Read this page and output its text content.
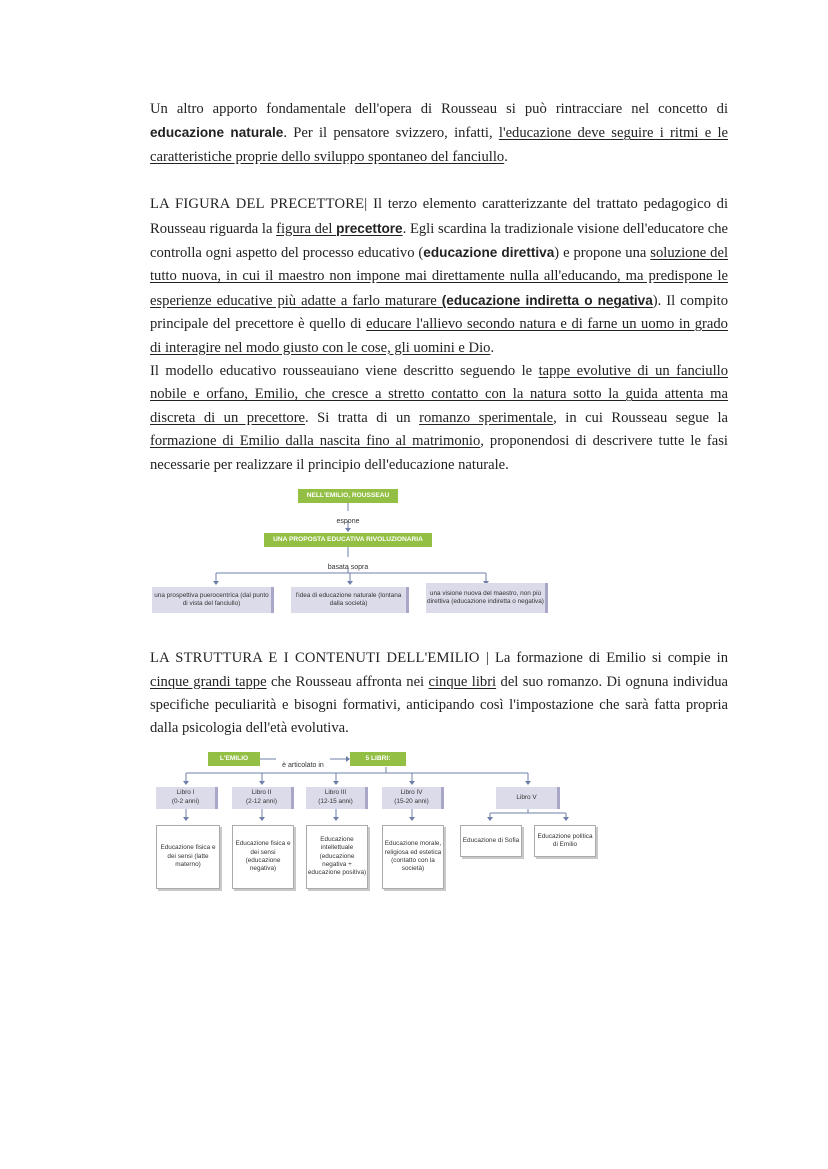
Un altro apporto fondamentale dell'opera di Rousseau si può rintracciare nel concetto di educazione naturale. Per il pensatore svizzero, infatti, l'educazione deve seguire i ritmi e le caratteristiche proprie dello sviluppo spontaneo del fanciullo.

LA FIGURA DEL PRECETTORE| Il terzo elemento caratterizzante del trattato pedagogico di Rousseau riguarda la figura del precettore. Egli scardina la tradizionale visione dell'educatore che controlla ogni aspetto del processo educativo (educazione direttiva) e propone una soluzione del tutto nuova, in cui il maestro non impone mai direttamente nulla all'educando, ma predispone le esperienze educative più adatte a farlo maturare (educazione indiretta o negativa). Il compito principale del precettore è quello di educare l'allievo secondo natura e di farne un uomo in grado di interagire nel modo giusto con le cose, gli uomini e Dio.

Il modello educativo rousseauiano viene descritto seguendo le tappe evolutive di un fanciullo nobile e orfano, Emilio, che cresce a stretto contatto con la natura sotto la guida attenta ma discreta di un precettore. Si tratta di un romanzo sperimentale, in cui Rousseau segue la formazione di Emilio dalla nascita fino al matrimonio, proponendosi di descrivere tutte le fasi necessarie per realizzare il principio dell'educazione naturale.

NELL'EMILIO, ROUSSEAU
espone
UNA PROPOSTA EDUCATIVA RIVOLUZIONARIA
basata sopra
una prospettiva puerocentrica (dal punto di vista del fanciullo)
l'idea di educazione naturale (lontana dalla società)
una visione nuova del maestro, non più direttiva (educazione indiretta o negativa)

LA STRUTTURA E I CONTENUTI DELL'EMILIO | La formazione di Emilio si compie in cinque grandi tappe che Rousseau affronta nei cinque libri del suo romanzo. Di ognuna individua specifiche peculiarità e bisogni formativi, anticipando così l'impostazione che sarà fatta propria dalla psicologia dell'età evolutiva.

L'EMILIO
è articolato in
5 LIBRI:
Libro I
(0-2 anni)
Libro II
(2-12 anni)
Libro III
(12-15 anni)
Libro IV
(15-20 anni)
Libro V
Educazione fisica e dei sensi (latte materno)
Educazione fisica e dei sensi (educazione negativa)
Educazione intellettuale (educazione negativa + educazione positiva)
Educazione morale, religiosa ed estetica (contatto con la società)
Educazione di Sofia
Educazione politica di Emilio
